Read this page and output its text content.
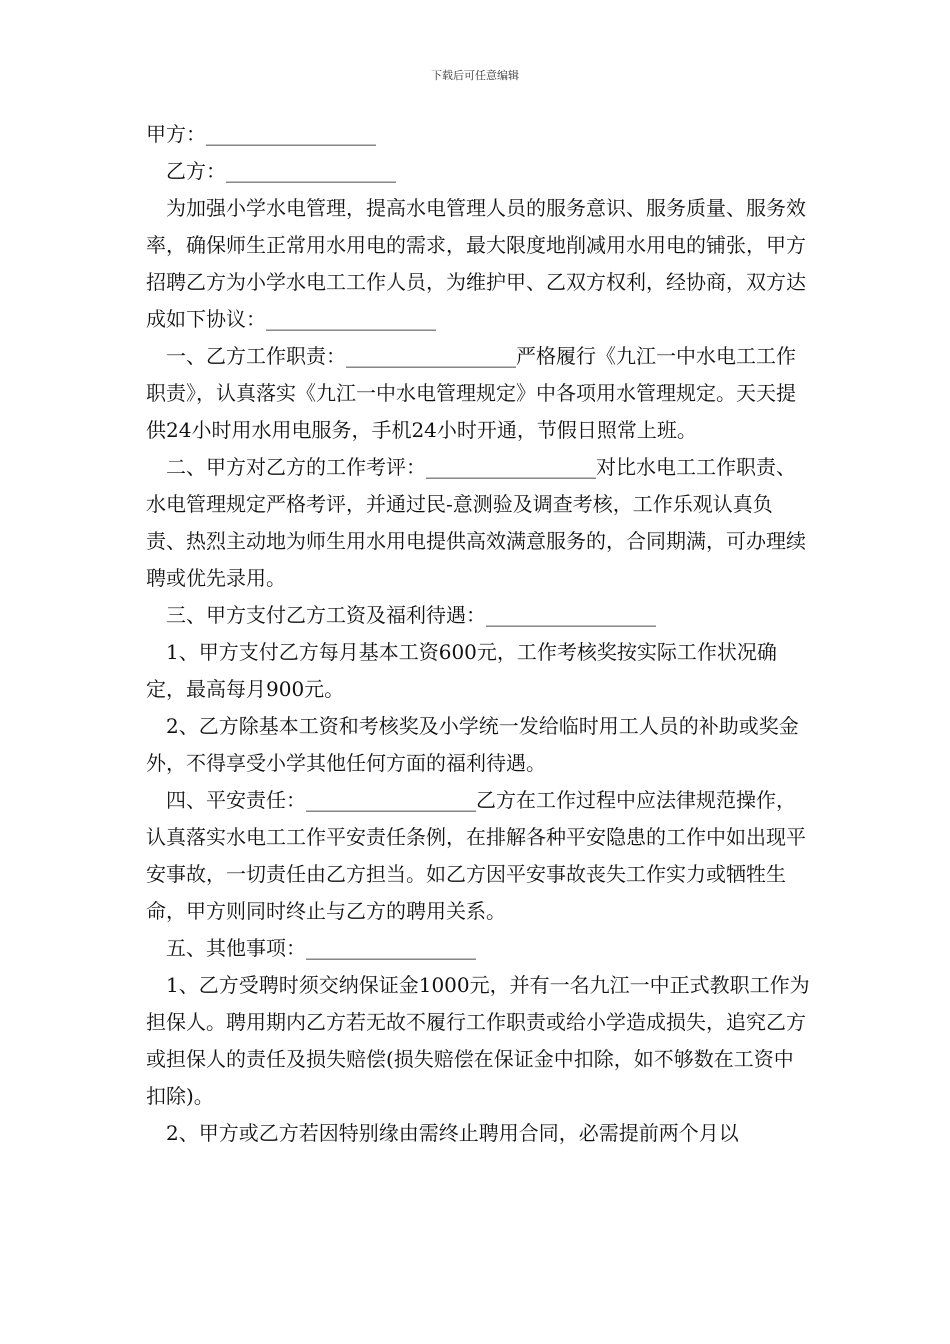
下载后可任意编辑

甲方：_________________

　乙方：_________________

　为加强小学水电管理，提高水电管理人员的服务意识、服务质量、服务效率，确保师生正常用水用电的需求，最大限度地削减用水用电的铺张，甲方招聘乙方为小学水电工工作人员，为维护甲、乙双方权利，经协商，双方达成如下协议：_________________

　一、乙方工作职责：_________________严格履行《九江一中水电工工作职责》，认真落实《九江一中水电管理规定》中各项用水管理规定。天天提供24小时用水用电服务，手机24小时开通，节假日照常上班。

　二、甲方对乙方的工作考评：_________________对比水电工工作职责、水电管理规定严格考评，并通过民-意测验及调查考核，工作乐观认真负责、热烈主动地为师生用水用电提供高效满意服务的，合同期满，可办理续聘或优先录用。

　三、甲方支付乙方工资及福利待遇：_________________

　1、甲方支付乙方每月基本工资600元，工作考核奖按实际工作状况确定，最高每月900元。

　2、乙方除基本工资和考核奖及小学统一发给临时用工人员的补助或奖金外，不得享受小学其他任何方面的福利待遇。

　四、平安责任：_________________乙方在工作过程中应法律规范操作，认真落实水电工工作平安责任条例，在排解各种平安隐患的工作中如出现平安事故，一切责任由乙方担当。如乙方因平安事故丧失工作实力或牺牲生命，甲方则同时终止与乙方的聘用关系。

　五、其他事项：_________________

　1、乙方受聘时须交纳保证金1000元，并有一名九江一中正式教职工作为担保人。聘用期内乙方若无故不履行工作职责或给小学造成损失，追究乙方或担保人的责任及损失赔偿(损失赔偿在保证金中扣除，如不够数在工资中扣除)。

　2、甲方或乙方若因特别缘由需终止聘用合同，必需提前两个月以
